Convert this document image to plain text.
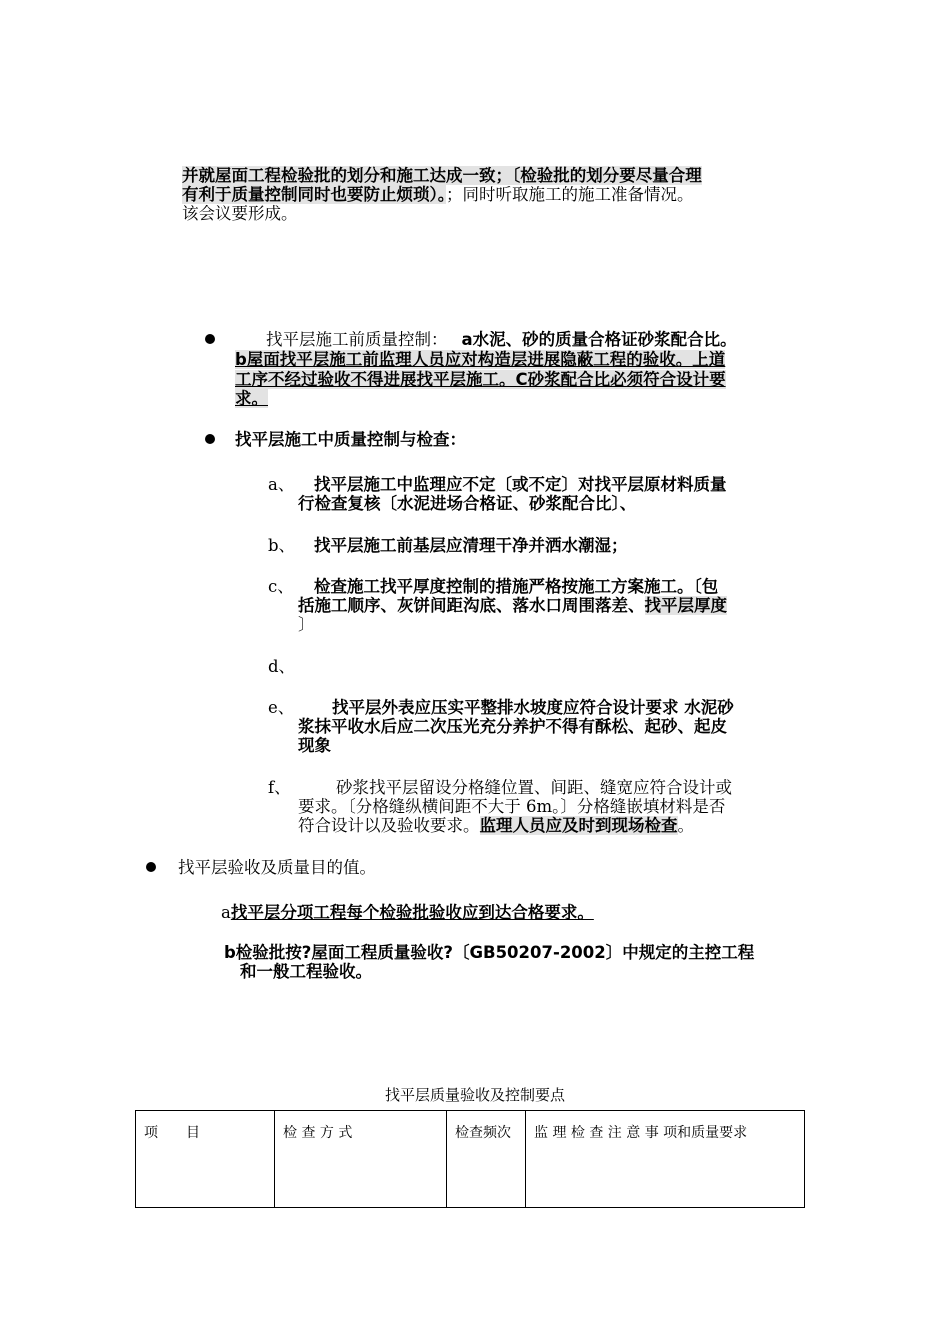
并就屋面工程检验批的划分和施工达成一致；〔检验批的划分要尽量合理
有利于质量控制同时也要防止烦琐）。；同时听取施工的施工准备情况。
该会议要形成。
找平层施工前质量控制： a水泥、砂的质量合格证砂浆配合比。
b屋面找平层施工前监理人员应对构造层进展隐蔽工程的验收。上道
工序不经过验收不得进展找平层施工。C砂浆配合比必须符合设计要
求。
找平层施工中质量控制与检查：
a、 找平层施工中监理应不定〔或不定〕对找平层原材料质量
行检查复核〔水泥进场合格证、砂浆配合比〕、
b、 找平层施工前基层应清理干净并洒水潮湿；
c、 检查施工找平厚度控制的措施严格按施工方案施工。〔包
括施工顺序、灰饼间距沟底、落水口周围落差、找平层厚度
〕
d、
e、 找平层外表应压实平整排水坡度应符合设计要求 水泥砂
浆抹平收水后应二次压光充分养护不得有酥松、起砂、起皮
现象
f、	砂浆找平层留设分格缝位置、间距、缝宽应符合设计或
要求。〔分格缝纵横间距不大于 6m。〕分格缝嵌填材料是否
符合设计以及验收要求。监理人员应及时到现场检查。
找平层验收及质量目的值。
a找平层分项工程每个检验批验收应到达合格要求。
b检验批按?屋面工程质量验收?〔GB50207-2002〕中规定的主控工程
和一般工程验收。
找平层质量验收及控制要点
项　　目	检 查 方 式	检查频次	监 理 检 查 注 意 事 项和质量要求
